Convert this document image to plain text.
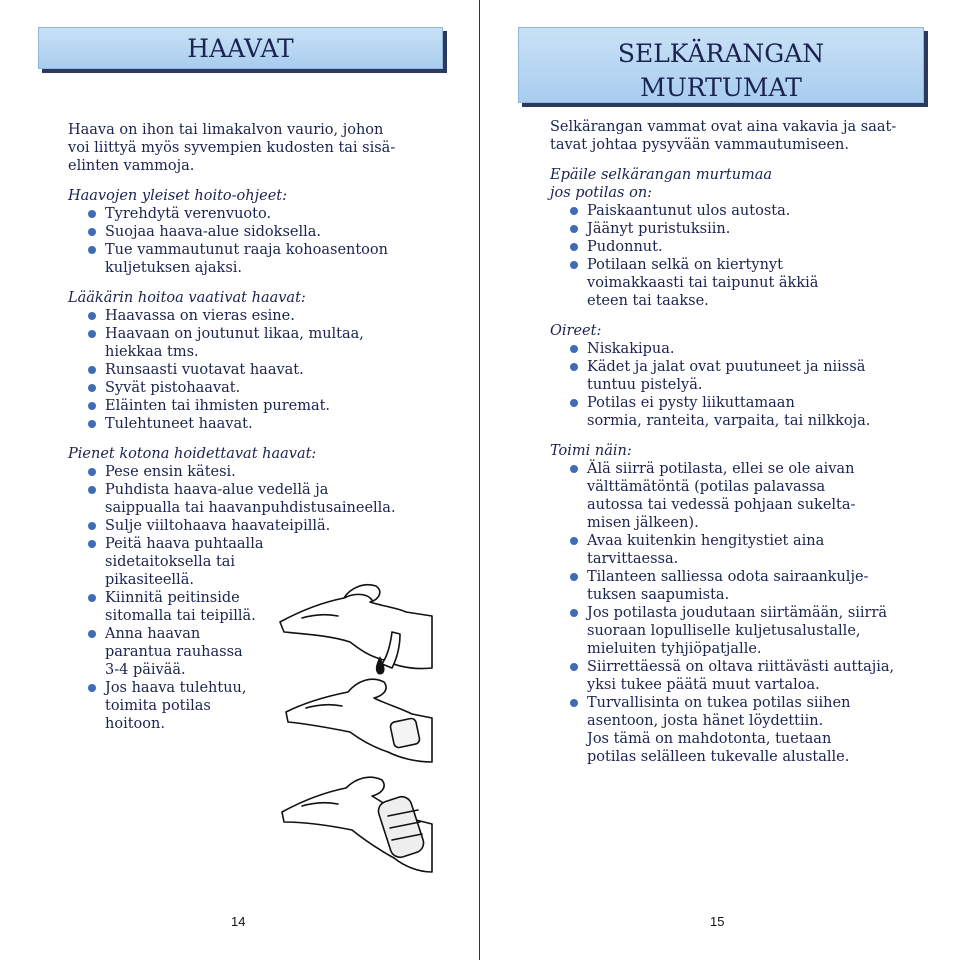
HAAVAT

Haava on ihon tai limakalvon vaurio, johon
voi liittyä myös syvempien kudosten tai sisä-
elinten vammoja.

Haavojen yleiset hoito-ohjeet:

Tyrehdytä verenvuoto.
Suojaa haava-alue sidoksella.
Tue vammautunut raaja kohoasentoon
kuljetuksen ajaksi.

Lääkärin hoitoa vaativat haavat:

Haavassa on vieras esine.
Haavaan on joutunut likaa, multaa,
hiekkaa tms.
Runsaasti vuotavat haavat.
Syvät pistohaavat.
Eläinten tai ihmisten puremat.
Tulehtuneet haavat.

Pienet kotona hoidettavat haavat:

Pese ensin kätesi.
Puhdista haava-alue vedellä ja
saippualla tai haavanpuhdistusaineella.
Sulje viiltohaava haavateipillä.
Peitä haava puhtaalla
sidetaitoksella tai
pikasiteellä.
Kiinnitä peitinside
sitomalla tai teipillä.
Anna haavan
parantua rauhassa
3-4 päivää.
Jos haava tulehtuu,
toimita potilas
hoitoon.
14
SELKÄRANGAN
MURTUMAT

Selkärangan vammat ovat aina vakavia ja saat-
tavat johtaa pysyvään vammautumiseen.

Epäile selkärangan murtumaa
jos potilas on:

Paiskaantunut ulos autosta.
Jäänyt puristuksiin.
Pudonnut.
Potilaan selkä on kiertynyt
voimakkaasti tai taipunut äkkiä
eteen tai taakse.

Oireet:

Niskakipua.
Kädet ja jalat ovat puutuneet ja niissä
tuntuu pistelyä.
Potilas ei pysty liikuttamaan
sormia, ranteita, varpaita, tai nilkkoja.

Toimi näin:

Älä siirrä potilasta, ellei se ole aivan
välttämätöntä (potilas palavassa
autossa tai vedessä pohjaan sukelta-
misen jälkeen).
Avaa kuitenkin hengitystiet aina
tarvittaessa.
Tilanteen salliessa odota sairaankulje-
tuksen saapumista.
Jos potilasta joudutaan siirtämään, siirrä
suoraan lopulliselle kuljetusalustalle,
mieluiten tyhjiöpatjalle.
Siirrettäessä on oltava riittävästi auttajia,
yksi tukee päätä muut vartaloa.
Turvallisinta on tukea potilas siihen
asentoon, josta hänet löydettiin.
Jos tämä on mahdotonta, tuetaan
potilas selälleen tukevalle alustalle.
15
